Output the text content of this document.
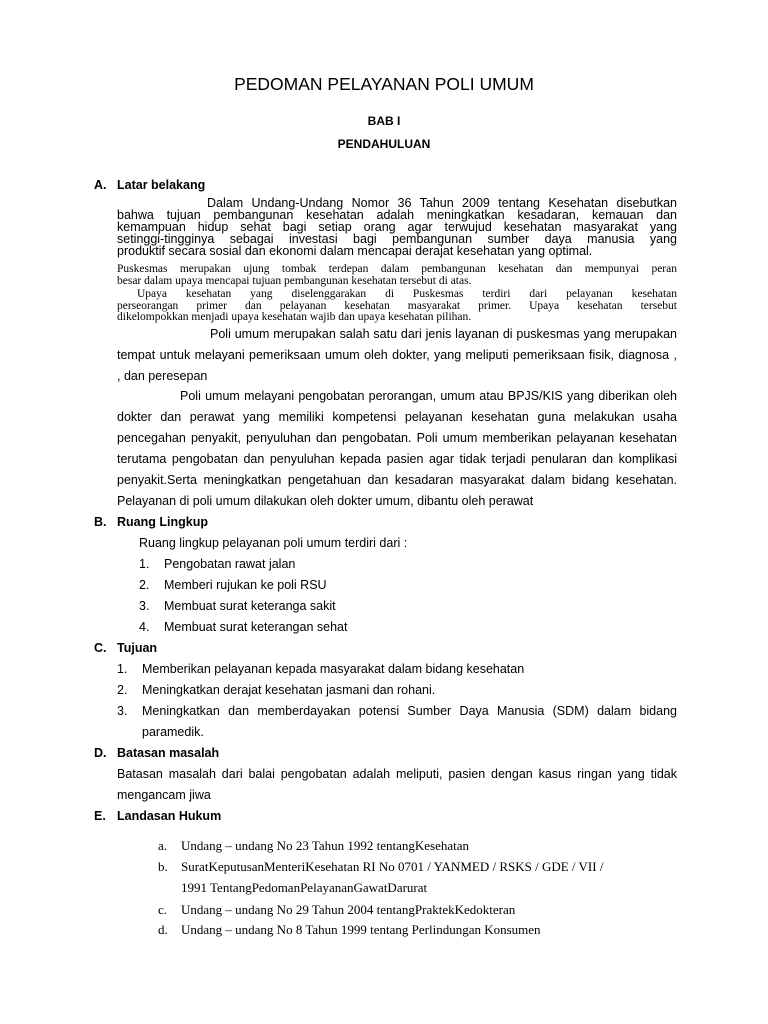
PEDOMAN PELAYANAN POLI UMUM
BAB I
PENDAHULUAN
A. Latar belakang
Dalam Undang-Undang Nomor 36 Tahun 2009 tentang Kesehatan disebutkan
bahwa tujuan pembangunan kesehatan adalah meningkatkan kesadaran, kemauan dan
kemampuan hidup sehat bagi setiap orang agar terwujud kesehatan masyarakat yang
setinggi-tingginya sebagai investasi bagi pembangunan sumber daya manusia yang
produktif secara sosial dan ekonomi dalam mencapai derajat kesehatan yang optimal.
Puskesmas merupakan ujung tombak terdepan dalam pembangunan kesehatan dan mempunyai peran
besar dalam upaya mencapai tujuan pembangunan kesehatan tersebut di atas.
Upaya kesehatan yang diselenggarakan di Puskesmas terdiri dari pelayanan kesehatan
perseorangan primer dan pelayanan kesehatan masyarakat primer. Upaya kesehatan tersebut
dikelompokkan menjadi upaya kesehatan wajib dan upaya kesehatan pilihan.
Poli umum merupakan salah satu dari jenis layanan di puskesmas yang merupakan
tempat untuk melayani pemeriksaan umum oleh dokter, yang meliputi pemeriksaan fisik, diagnosa ,
, dan peresepan
Poli umum melayani pengobatan perorangan, umum atau BPJS/KIS yang diberikan oleh
dokter dan perawat yang memiliki kompetensi pelayanan kesehatan guna melakukan usaha
pencegahan penyakit, penyuluhan dan pengobatan. Poli umum memberikan pelayanan kesehatan
terutama pengobatan dan penyuluhan kepada pasien agar tidak terjadi penularan dan komplikasi
penyakit.Serta meningkatkan pengetahuan dan kesadaran masyarakat dalam bidang kesehatan.
Pelayanan di poli umum dilakukan oleh dokter umum, dibantu oleh perawat
B. Ruang Lingkup
Ruang lingkup pelayanan poli umum terdiri dari :
1. Pengobatan rawat jalan
2. Memberi rujukan ke poli RSU
3. Membuat surat keteranga sakit
4. Membuat surat keterangan sehat
C. Tujuan
1. Memberikan pelayanan kepada masyarakat dalam bidang kesehatan
2. Meningkatkan derajat kesehatan jasmani dan rohani.
3.	Meningkatkan dan memberdayakan potensi Sumber Daya Manusia (SDM) dalam bidang
paramedik.
D. Batasan masalah
Batasan masalah dari balai pengobatan adalah meliputi, pasien dengan kasus ringan yang tidak
mengancam jiwa
E. Landasan Hukum
a. Undang – undang No 23 Tahun 1992 tentangKesehatan
b. SuratKeputusanMenteriKesehatan RI No 0701 / YANMED / RSKS / GDE / VII /
1991 TentangPedomanPelayananGawatDarurat
c. Undang – undang No 29 Tahun 2004 tentangPraktekKedokteran
d. Undang – undang No 8 Tahun 1999 tentang Perlindungan Konsumen
